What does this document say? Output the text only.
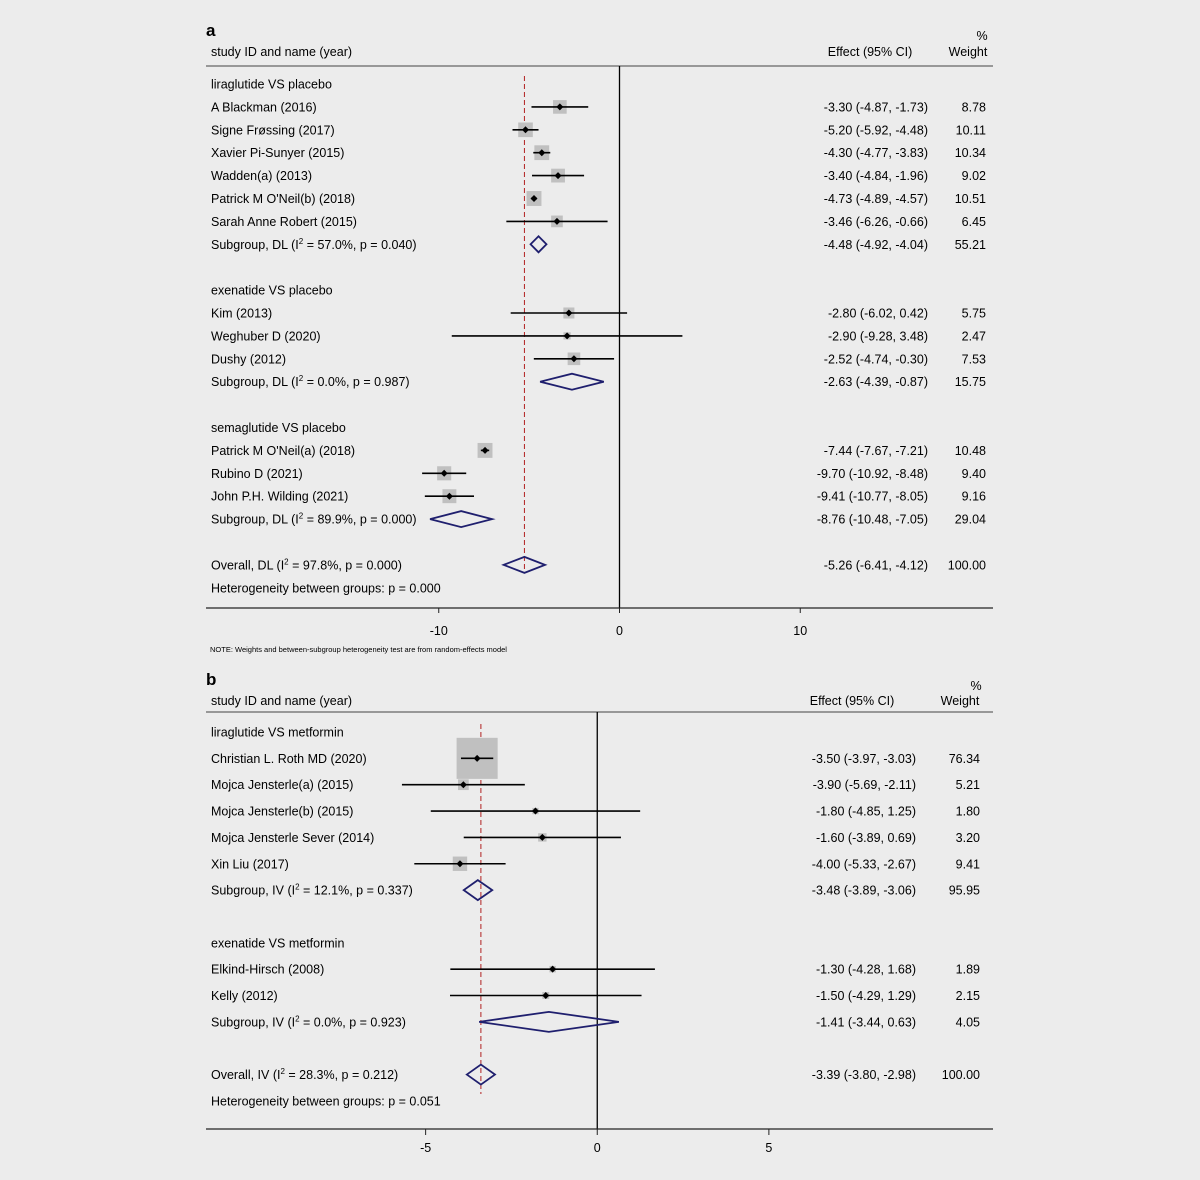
a	%
study ID and name (year)	Effect (95% CI)	Weight
-10	0	10
NOTE: Weights and between-subgroup heterogeneity test are from random-effects model
liraglutide VS placebo
A Blackman (2016)	-3.30 (-4.87, -1.73)	8.78
Signe Frøssing (2017)	-5.20 (-5.92, -4.48) 10.11
Xavier Pi-Sunyer (2015)	-4.30 (-4.77, -3.83) 10.34
Wadden(a) (2013)	-3.40 (-4.84, -1.96)	9.02
Patrick M O'Neil(b) (2018)	-4.73 (-4.89, -4.57) 10.51
Sarah Anne Robert (2015)	-3.46 (-6.26, -0.66)	6.45
Subgroup, DL ($I^2 = 57.0\%$, p = 0.040)	-4.48 (-4.92, -4.04) 55.21
exenatide VS placebo
Kim (2013)	-2.80 (-6.02, 0.42)	5.75
Weghuber D (2020)	-2.90 (-9.28, 3.48)	2.47
Dushy (2012)	-2.52 (-4.74, -0.30)	7.53
Subgroup, DL ($I^2 = 0.0\%$, p = 0.987)	-2.63 (-4.39, -0.87) 15.75
semaglutide VS placebo
Patrick M O'Neil(a) (2018)	-7.44 (-7.67, -7.21) 10.48
Rubino D (2021)	-9.70 (-10.92, -8.48)	9.40
John P.H. Wilding (2021)	-9.41 (-10.77, -8.05)	9.16
Subgroup, DL ($I^2 = 89.9\%$, p = 0.000)	-8.76 (-10.48, -7.05) 29.04
Overall, DL ($I^2 = 97.8\%$, p = 0.000)	-5.26 (-6.41, -4.12) 100.00
Heterogeneity between groups: p = 0.000
b	%
study ID and name (year)	Effect (95% CI)	Weight
-5	0	5
liraglutide VS metformin
Christian L. Roth MD (2020)	-3.50 (-3.97, -3.03)	76.34
Mojca Jensterle(a) (2015)	-3.90 (-5.69, -2.11)	5.21
Mojca Jensterle(b) (2015)	-1.80 (-4.85, 1.25)	1.80
Mojca Jensterle Sever (2014)	-1.60 (-3.89, 0.69)	3.20
Xin Liu (2017)	-4.00 (-5.33, -2.67)	9.41
Subgroup, IV ($I^2 = 12.1\%$, p = 0.337)	-3.48 (-3.89, -3.06)	95.95
exenatide VS metformin
Elkind-Hirsch (2008)	-1.30 (-4.28, 1.68)	1.89
Kelly (2012)	-1.50 (-4.29, 1.29)	2.15
Subgroup, IV ($I^2 = 0.0\%$, p = 0.923)	-1.41 (-3.44, 0.63)	4.05
Overall, IV ($I^2 = 28.3\%$, p = 0.212)	-3.39 (-3.80, -2.98) 100.00
Heterogeneity between groups: p = 0.051
